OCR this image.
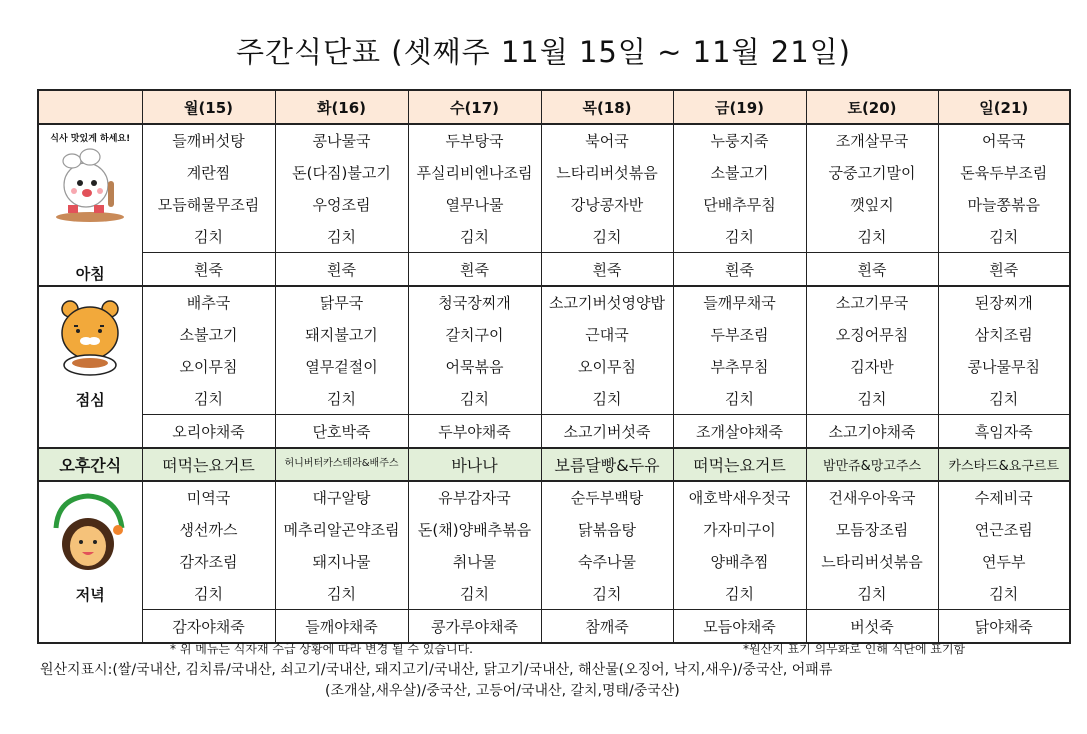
주간식단표 (셋째주 11월 15일 ~ 11월 21일)
	월(15)	화(16)	수(17)	목(18)	금(19)	토(20)	일(21)

식사 맛있게 하세요!
아침	들깨버섯탕	콩나물국	두부탕국	북어국	누룽지죽	조개살무국	어묵국
	계란찜	돈(다짐)불고기	푸실리비엔나조림	느타리버섯볶음	소불고기	궁중고기말이	돈육두부조림
	모듬해물무조림	우엉조림	열무나물	강낭콩자반	단배추무침	깻잎지	마늘쫑볶음
	김치	김치	김치	김치	김치	김치	김치
	흰죽	흰죽	흰죽	흰죽	흰죽	흰죽	흰죽

점심	배추국	닭무국	청국장찌개	소고기버섯영양밥	들깨무채국	소고기무국	된장찌개
	소불고기	돼지불고기	갈치구이	근대국	두부조림	오징어무침	삼치조림
	오이무침	열무겉절이	어묵볶음	오이무침	부추무침	김자반	콩나물무침
	김치	김치	김치	김치	김치	김치	김치
	오리야채죽	단호박죽	두부야채죽	소고기버섯죽	조개살야채죽	소고기야채죽	흑임자죽
오후간식	떠먹는요거트	허니버터카스테라&배주스	바나나	보름달빵&두유	떠먹는요거트	밤만쥬&망고주스	카스타드&요구르트

저녁	미역국	대구알탕	유부감자국	순두부백탕	애호박새우젓국	건새우아욱국	수제비국
	생선까스	메추리알곤약조림	돈(채)양배추볶음	닭볶음탕	가자미구이	모듬장조림	연근조림
	감자조림	돼지나물	취나물	숙주나물	양배추찜	느타리버섯볶음	연두부
	김치	김치	김치	김치	김치	김치	김치
	감자야채죽	들깨야채죽	콩가루야채죽	참깨죽	모듬야채죽	버섯죽	닭야채죽
* 위 메뉴는 식자재 수급 상황에 따라 변경 될 수 있습니다.	*원산지 표기 의무화로 인해 식단에 표기함
원산지표시:(쌀/국내산, 김치류/국내산, 쇠고기/국내산, 돼지고기/국내산, 닭고기/국내산, 해산물(오징어, 낙지,새우)/중국산, 어패류
(조개살,새우살)/중국산, 고등어/국내산, 갈치,명태/중국산)
